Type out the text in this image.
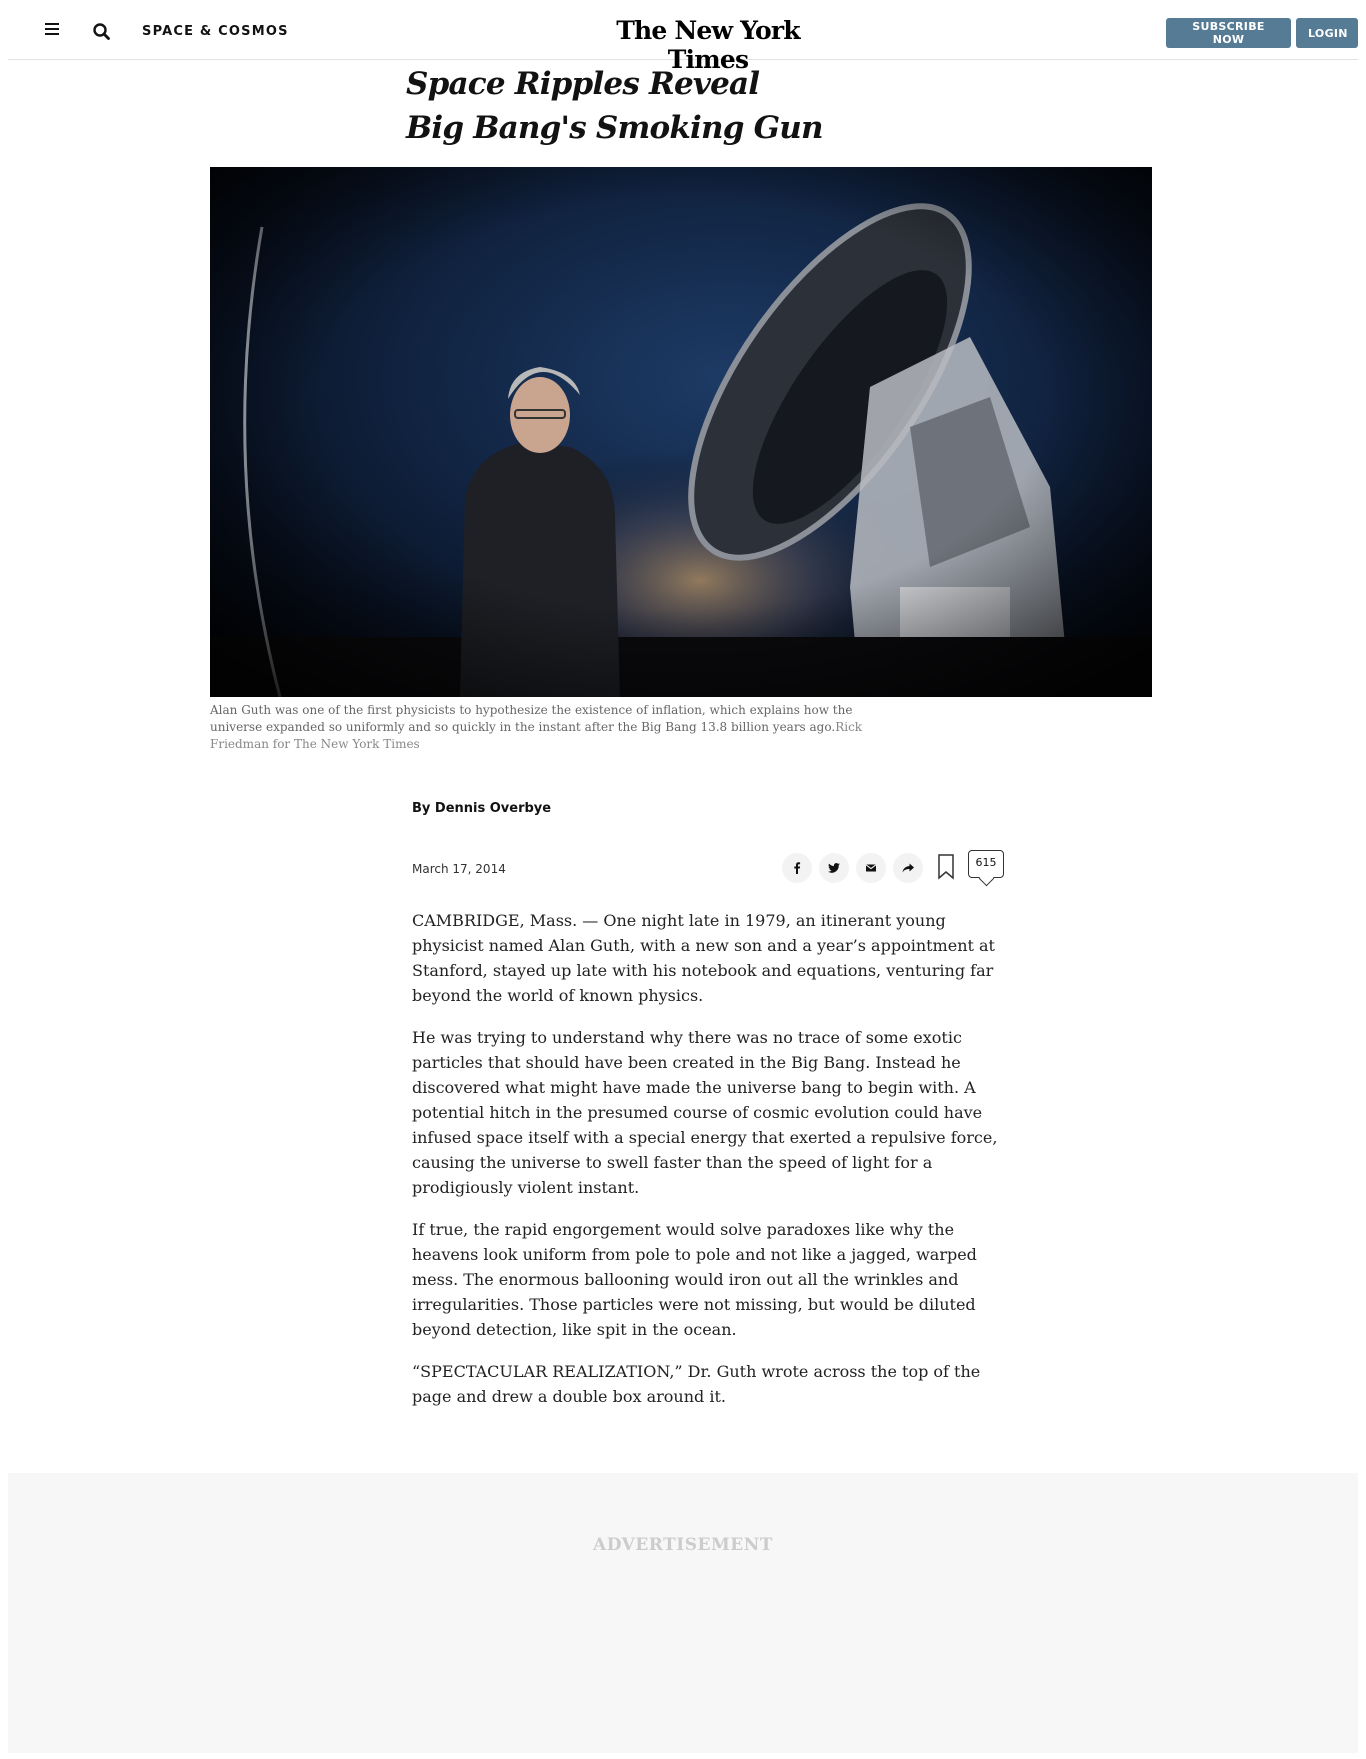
SPACE & COSMOS	The New York Times
SUBSCRIBE NOW	LOGIN
Space Ripples Reveal
Big Bang's Smoking Gun

Alan Guth was one of the first physicists to hypothesize the existence of inflation, which explains how the universe expanded so uniformly and so quickly in the instant after the Big Bang 13.8 billion years ago.Rick Friedman for The New York Times

By Dennis Overbye

March 17, 2014	615

CAMBRIDGE, Mass. — One night late in 1979, an itinerant young physicist named Alan Guth, with a new son and a year’s appointment at Stanford, stayed up late with his notebook and equations, venturing far beyond the world of known physics.

He was trying to understand why there was no trace of some exotic particles that should have been created in the Big Bang. Instead he discovered what might have made the universe bang to begin with. A potential hitch in the presumed course of cosmic evolution could have infused space itself with a special energy that exerted a repulsive force, causing the universe to swell faster than the speed of light for a prodigiously violent instant.

If true, the rapid engorgement would solve paradoxes like why the heavens look uniform from pole to pole and not like a jagged, warped mess. The enormous ballooning would iron out all the wrinkles and irregularities. Those particles were not missing, but would be diluted beyond detection, like spit in the ocean.

“SPECTACULAR REALIZATION,” Dr. Guth wrote across the top of the page and drew a double box around it.

ADVERTISEMENT
